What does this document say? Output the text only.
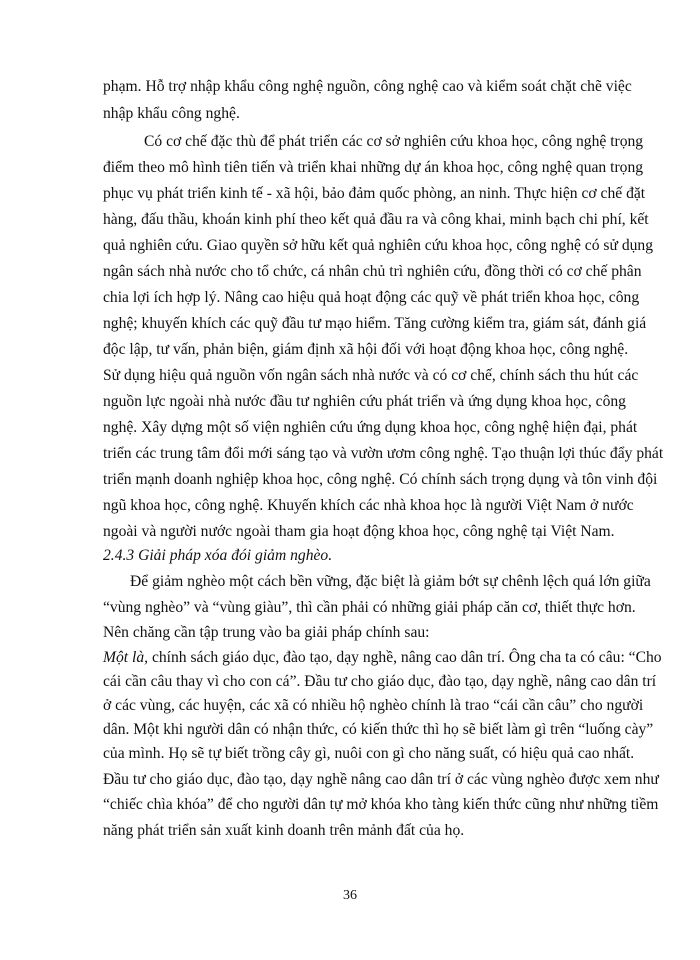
phạm. Hỗ trợ nhập khẩu công nghệ nguồn, công nghệ cao và kiểm soát chặt chẽ việc
nhập khẩu công nghệ.
Có cơ chế đặc thù để phát triển các cơ sở nghiên cứu khoa học, công nghệ trọng
điểm theo mô hình tiên tiến và triển khai những dự án khoa học, công nghệ quan trọng
phục vụ phát triển kinh tế - xã hội, bảo đảm quốc phòng, an ninh. Thực hiện cơ chế đặt
hàng, đấu thầu, khoán kinh phí theo kết quả đầu ra và công khai, minh bạch chi phí, kết
quả nghiên cứu. Giao quyền sở hữu kết quả nghiên cứu khoa học, công nghệ có sử dụng
ngân sách nhà nước cho tổ chức, cá nhân chủ trì nghiên cứu, đồng thời có cơ chế phân
chia lợi ích hợp lý. Nâng cao hiệu quả hoạt động các quỹ về phát triển khoa học, công
nghệ; khuyến khích các quỹ đầu tư mạo hiểm. Tăng cường kiểm tra, giám sát, đánh giá
độc lập, tư vấn, phản biện, giám định xã hội đối với hoạt động khoa học, công nghệ.
Sử dụng hiệu quả nguồn vốn ngân sách nhà nước và có cơ chế, chính sách thu hút các
nguồn lực ngoài nhà nước đầu tư nghiên cứu phát triển và ứng dụng khoa học, công
nghệ. Xây dựng một số viện nghiên cứu ứng dụng khoa học, công nghệ hiện đại, phát
triển các trung tâm đổi mới sáng tạo và vườn ươm công nghệ. Tạo thuận lợi thúc đẩy phát
triển mạnh doanh nghiệp khoa học, công nghệ. Có chính sách trọng dụng và tôn vinh đội
ngũ khoa học, công nghệ. Khuyến khích các nhà khoa học là người Việt Nam ở nước
ngoài và người nước ngoài tham gia hoạt động khoa học, công nghệ tại Việt Nam.
2.4.3 Giải pháp xóa đói giảm nghèo.
Để giảm nghèo một cách bền vững, đặc biệt là giảm bớt sự chênh lệch quá lớn giữa
“vùng nghèo” và “vùng giàu”, thì cần phải có những giải pháp căn cơ, thiết thực hơn.
Nên chăng cần tập trung vào ba giải pháp chính sau:
Một là, chính sách giáo dục, đào tạo, dạy nghề, nâng cao dân trí. Ông cha ta có câu: “Cho
cái cần câu thay vì cho con cá”. Đầu tư cho giáo dục, đào tạo, dạy nghề, nâng cao dân trí
ở các vùng, các huyện, các xã có nhiều hộ nghèo chính là trao “cái cần câu” cho người
dân. Một khi người dân có nhận thức, có kiến thức thì họ sẽ biết làm gì trên “luống cày”
của mình. Họ sẽ tự biết trồng cây gì, nuôi con gì cho năng suất, có hiệu quả cao nhất.
Đầu tư cho giáo dục, đào tạo, dạy nghề nâng cao dân trí ở các vùng nghèo được xem như
“chiếc chìa khóa” để cho người dân tự mở khóa kho tàng kiến thức cũng như những tiềm
năng phát triển sản xuất kinh doanh trên mảnh đất của họ.
36
